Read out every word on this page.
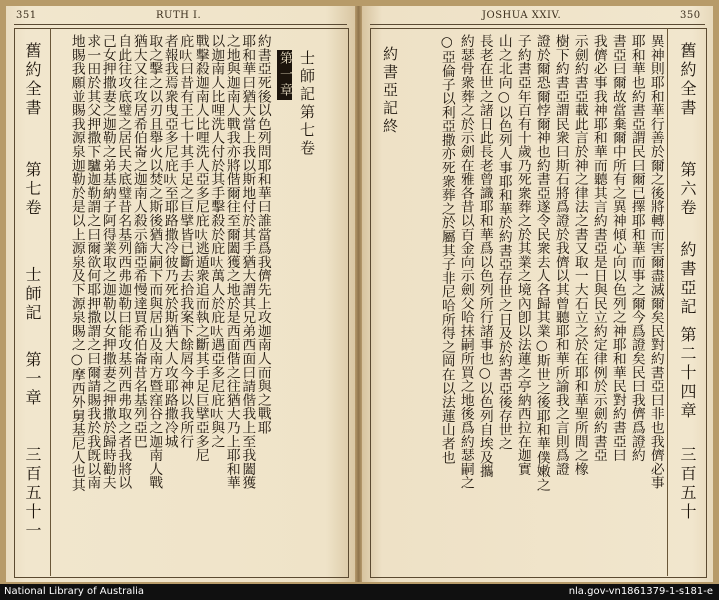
351	RUTH I.
舊約全書
第七卷
士師記
第一章
三百五十一
約書亞死後以色列問耶和華曰誰當爲我儕先上攻迦南人而與之戰耶
耶和華曰猶大當上我以斯地付於其手猶大謂其兄弟西面曰請偕我上至我闔獲
之地與迦南人戰我亦將偕爾往至爾闔獲之地於是西面偕之往猶大乃上耶和華
以迦南人比哩洗人付於其手擊殺於庇𠯈萬人於庇𠯈遇亞多尼庇𠯈與之
戰擊殺迦南人比哩洗人亞多尼庇𠯈逃遁衆追而執之斷其手足巨擘亞多尼
庇𠯈曰昔有王七十其手足之巨擘皆已斷去拾我案下餘屑今神以我所行
者報我焉衆曳亞多尼庇𠯈至耶路撒冷彼乃死於斯猶大人攻耶路撒冷城
取之擊之以刃且舉火以焚之斯後猶大嗣下而與居山及南方暨窪谷之迦南人戰
猶大又往攻居希伯崙之迦南人殺示篩亞希慢達買希伯崙昔名基列亞巴
自此往攻底璧之居民夫底璧昔名基列西弗迦勒曰能攻基列西弗取之者我將以
己女押撒妻之迦勒之弟基納子阿得業取之迦勒以女押撒妻之押撒於歸時勸夫
求一田於其父押撒下驢迦勒謂之曰爾欲何耶押撒謂之曰爾請賜我於我旣以南
地賜我願並賜我源泉迦勒於是以上源泉及下源泉賜之○摩西外舅基尼人也其	士師記第七卷
第一章
JOSHUA XXIV.	350
異神則耶和華行善於爾之後將轉而害爾盡滅爾矣民對約書亞曰非也我儕必事
耶和華也約書亞謂民曰爾已擇耶和華而事之爾今爲證矣民曰我儕爲證約
書亞曰爾故當棄爾中所有之異神傾心向以色列之神耶和華民對約書亞曰
我儕必事我神耶和華而聽其言約書亞是日與民立約定律例於示劍約書亞
示劍約書亞載此言於神之律法之書又取一大石立之於在耶和華聖所間之橡
樹下約書亞謂民衆曰斯石將爲證於我儕以其曾聽耶和華所諭我之言則爲證
證於爾恐爾悖爾神也約書亞遂令民衆去人各歸其業○斯世之後耶和華僕嫩之
子約書亞年百有十歲乃死衆葬之於其業之境內卽以法蓮之亭納西拉在迦實
山之北向○以色列人事耶和華於約書亞存世之日及於約書亞後存世之
長老在世之諸日此長老曾識耶和華爲以色列所行諸事也○以色列自埃及攜
約瑟骨衆葬之於示劍在雅各昔以百金向示劍父哈抹嗣所買之地後爲約瑟嗣之
○亞倫子以利亞撒亦死衆葬之於屬其子非尼哈所得之岡在以法蓮山者也
約書亞記終	舊約全書
第六卷
約書亞記
第二十四章
三百五十
National Library of Australia	nla.gov-vn1861379-1-s181-e
